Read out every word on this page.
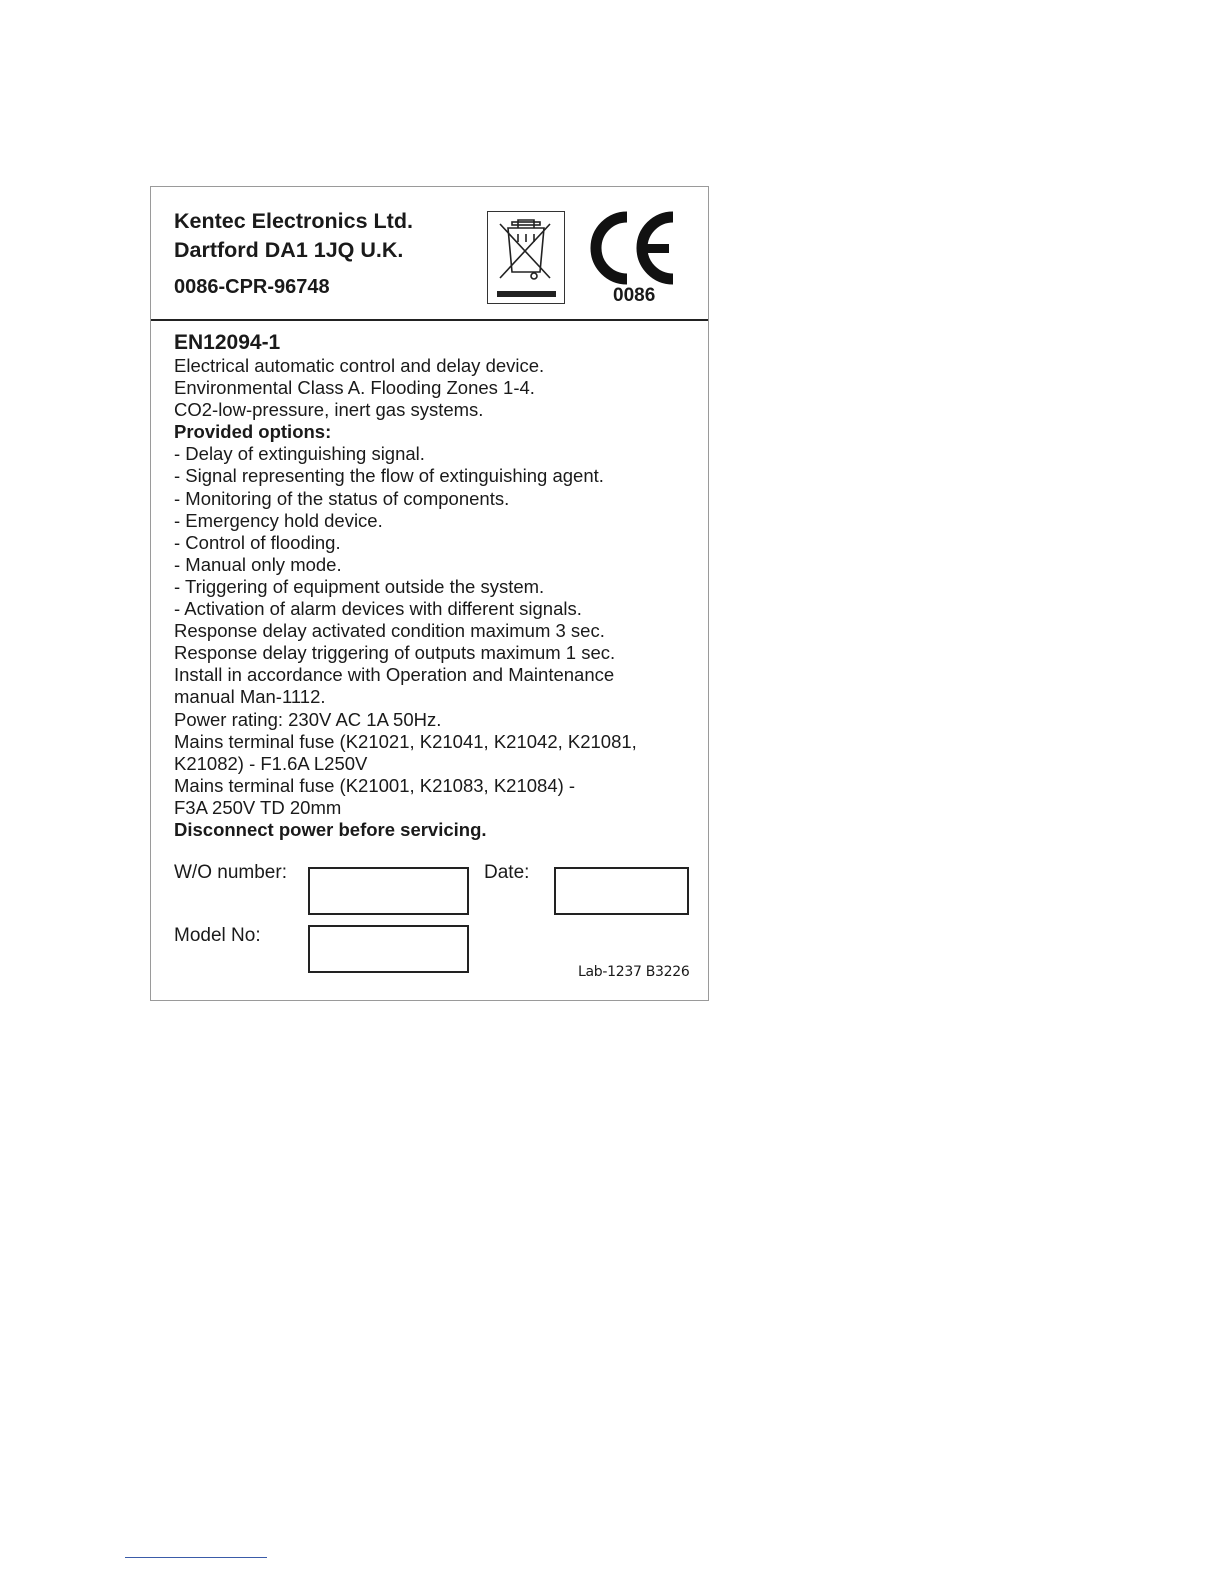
Kentec Electronics Ltd.
Dartford DA1 1JQ U.K.
0086-CPR-96748	0086
EN12094-1
Electrical automatic control and delay device.
Environmental Class A. Flooding Zones 1-4.
CO2-low-pressure, inert gas systems.
Provided options:
- Delay of extinguishing signal.
- Signal representing the flow of extinguishing agent.
- Monitoring of the status of components.
- Emergency hold device.
- Control of flooding.
- Manual only mode.
- Triggering of equipment outside the system.
- Activation of alarm devices with different signals.
Response delay activated condition maximum 3 sec.
Response delay triggering of outputs maximum 1 sec.
Install in accordance with Operation and Maintenance
manual Man-1112.
Power rating: 230V AC 1A 50Hz.
Mains terminal fuse (K21021, K21041, K21042, K21081,
K21082) - F1.6A L250V
Mains terminal fuse (K21001, K21083, K21084) -
F3A 250V TD 20mm
Disconnect power before servicing.
W/O number:	Date:
Model No:
Lab-1237 B3226
